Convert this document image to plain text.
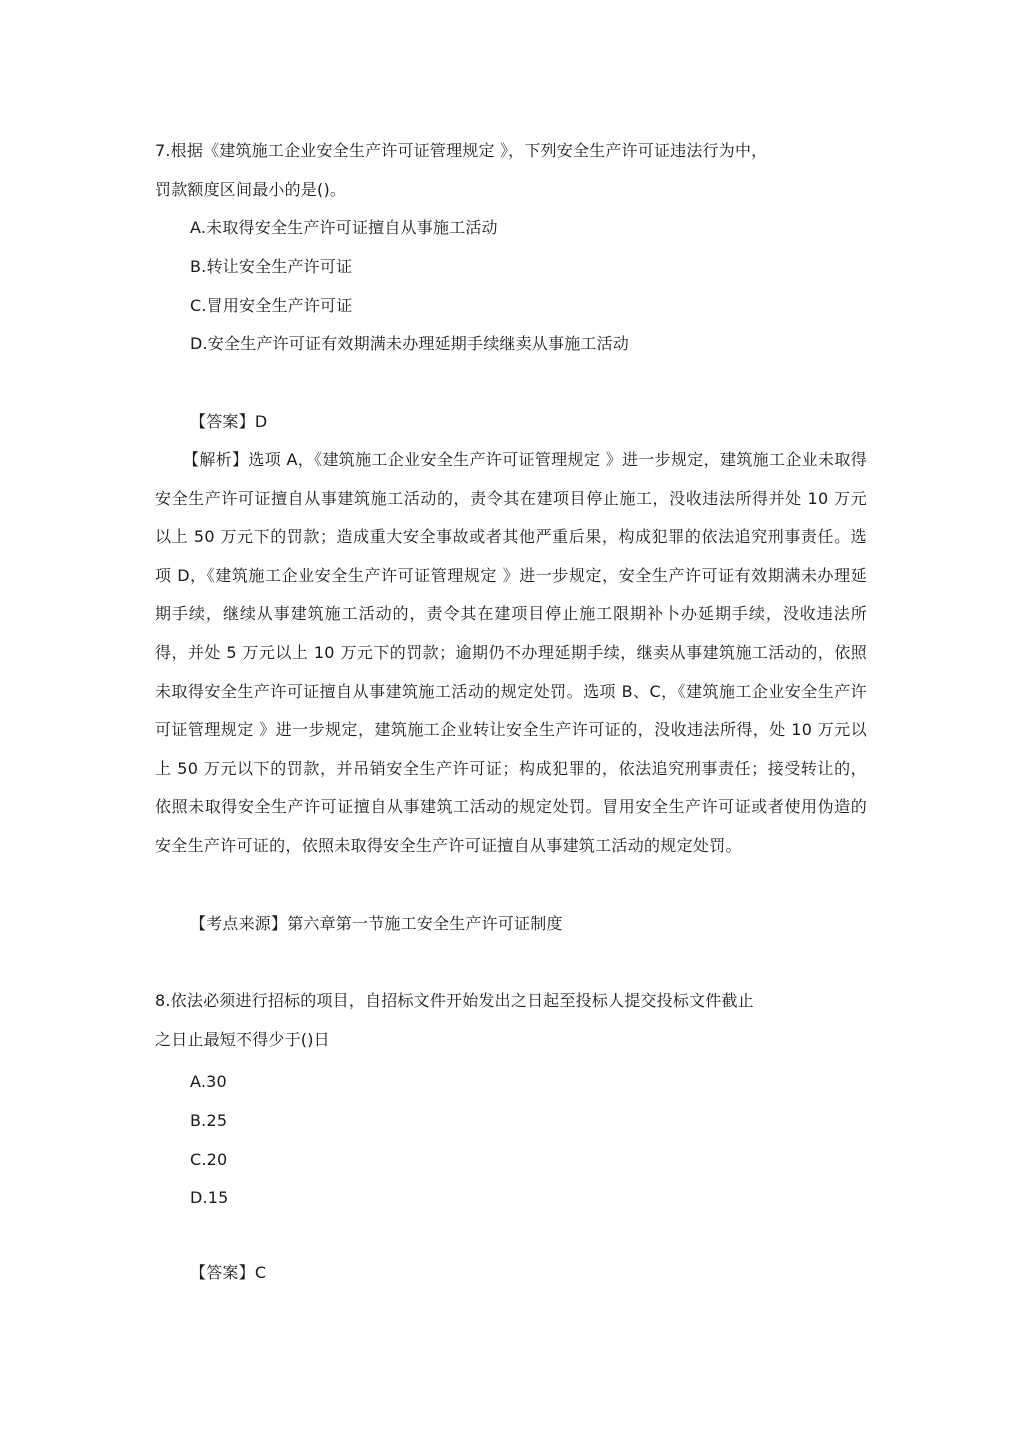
7.根据《建筑施工企业安全生产许可证管理规定 》，下列安全生产许可证违法行为中，
罚款额度区间最小的是()。
A.未取得安全生产许可证擅自从事施工活动
B.转让安全生产许可证
C.冒用安全生产许可证
D.安全生产许可证有效期满未办理延期手续继卖从事施工活动
【答案】D
【解析】选项 A，《建筑施工企业安全生产许可证管理规定 》进一步规定，建筑施工企业未取得安全生产许可证擅自从事建筑施工活动的，责令其在建项目停止施工，没收违法所得并处 10 万元以上 50 万元下的罚款；造成重大安全事故或者其他严重后果，构成犯罪的依法追究刑事责任。选项 D，《建筑施工企业安全生产许可证管理规定 》进一步规定，安全生产许可证有效期满未办理延期手续，继续从事建筑施工活动的，责令其在建项目停止施工限期补卜办延期手续，没收违法所得，并处 5 万元以上 10 万元下的罚款；逾期仍不办理延期手续，继卖从事建筑施工活动的，依照未取得安全生产许可证擅自从事建筑施工活动的规定处罚。选项 B、C，《建筑施工企业安全生产许可证管理规定 》进一步规定，建筑施工企业转让安全生产许可证的，没收违法所得，处 10 万元以上 50 万元以下的罚款，并吊销安全生产许可证；构成犯罪的，依法追究刑事责任；接受转让的，依照未取得安全生产许可证擅自从事建筑工活动的规定处罚。冒用安全生产许可证或者使用伪造的安全生产许可证的，依照未取得安全生产许可证擅自从事建筑工活动的规定处罚。
【考点来源】第六章第一节施工安全生产许可证制度
8.依法必须进行招标的项目，自招标文件开始发出之日起至投标人提交投标文件截止
之日止最短不得少于()日
A.30
B.25
C.20
D.15
【答案】C
